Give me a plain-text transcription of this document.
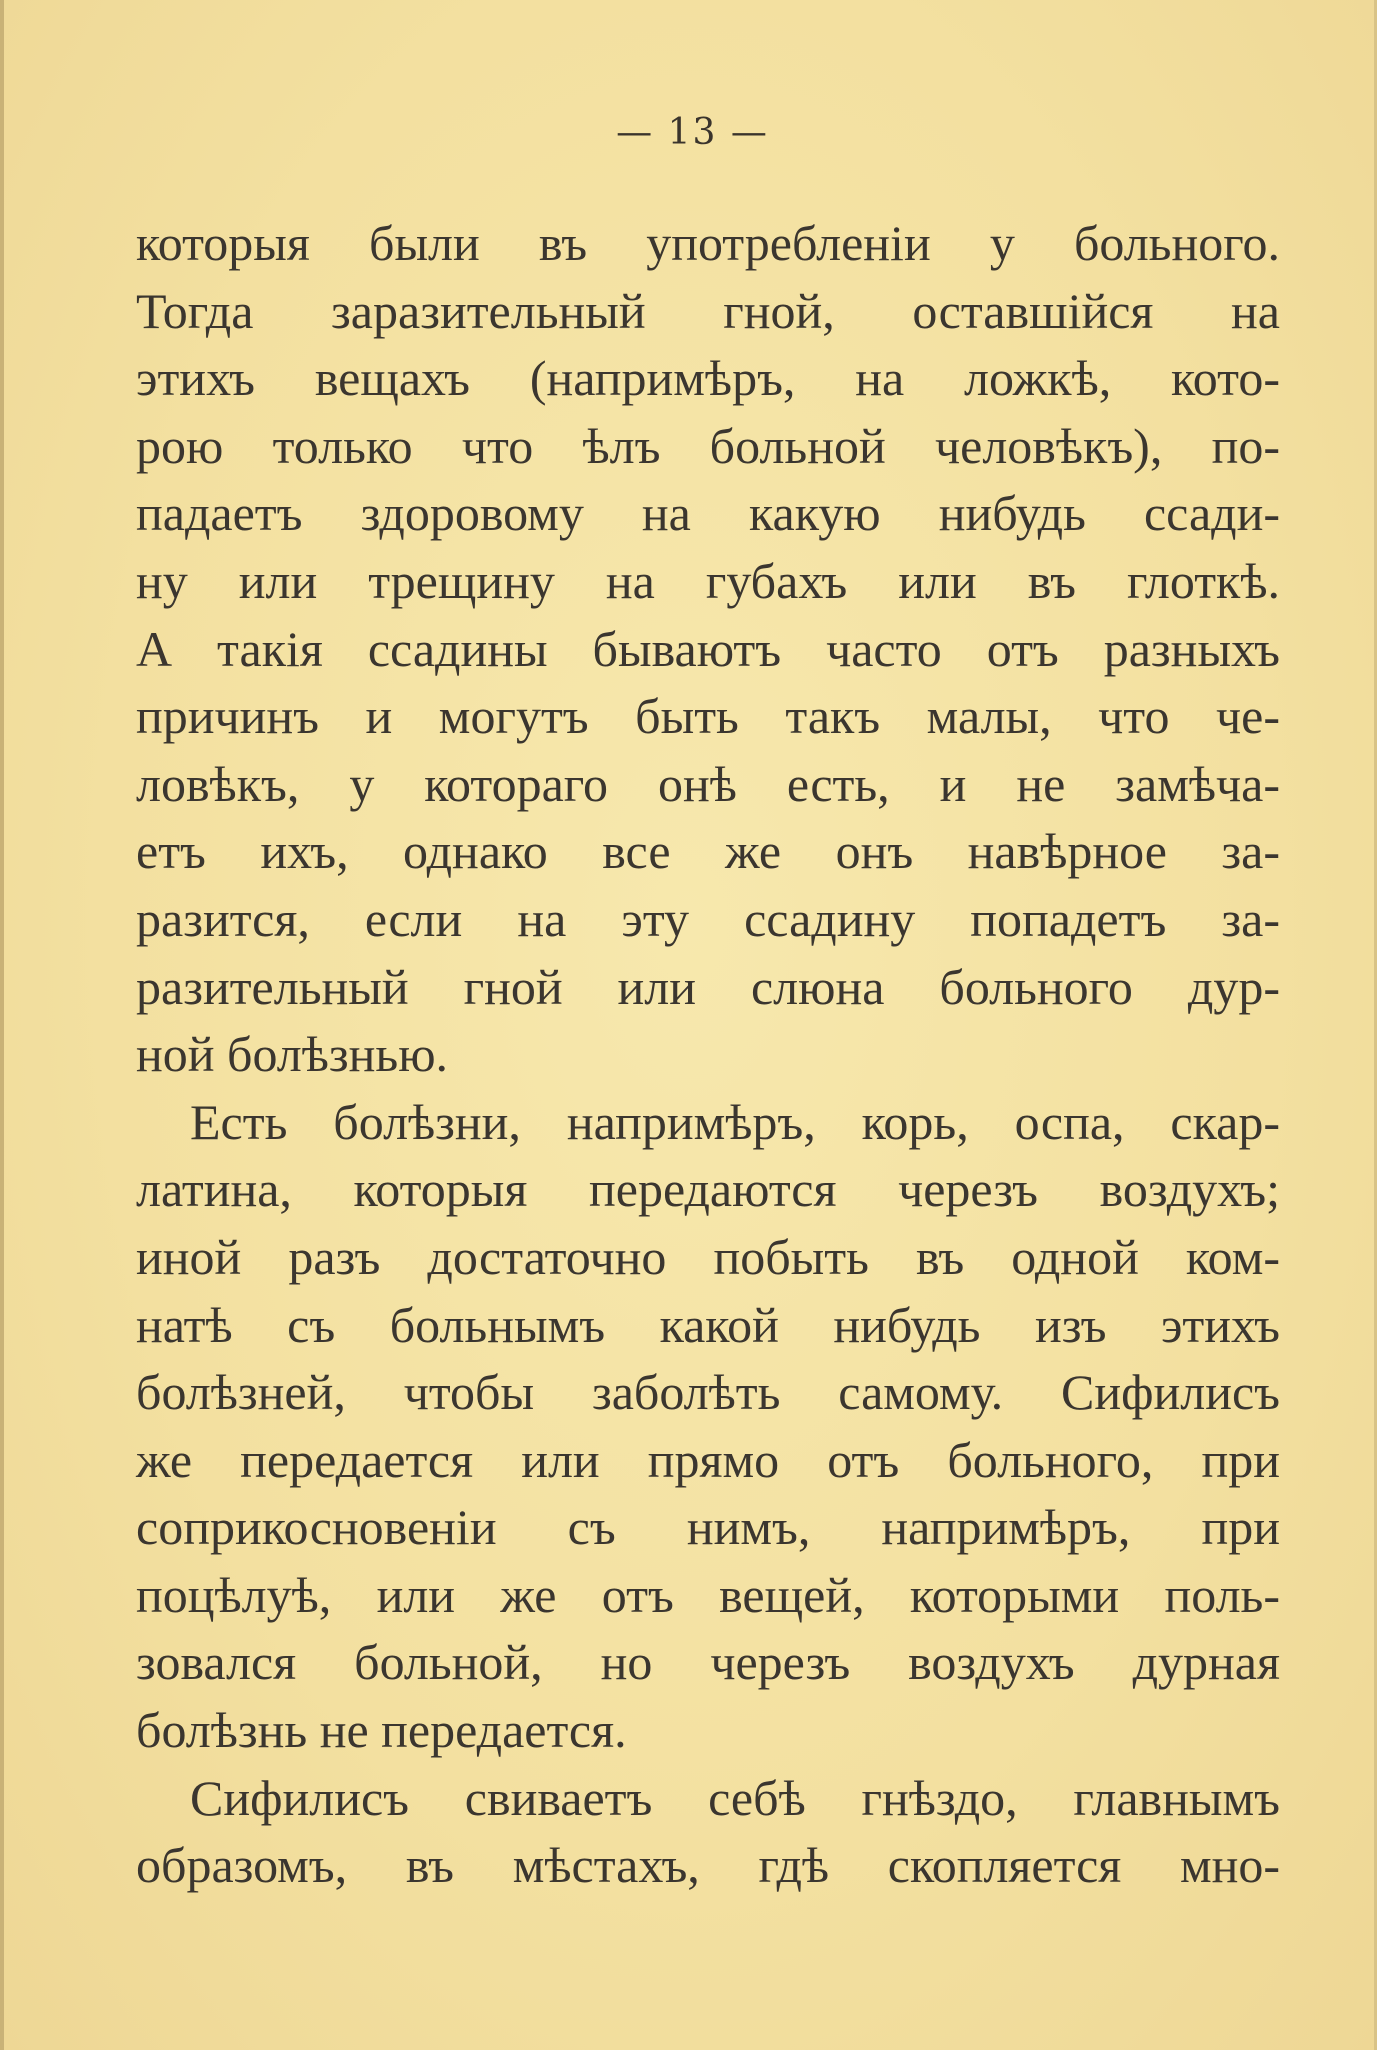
— 13 —
которыя были въ употребленіи у больного.
Тогда заразительный гной, оставшійся на
этихъ вещахъ (напримѣръ, на ложкѣ, кото-
рою только что ѣлъ больной человѣкъ), по-
падаетъ здоровому на какую нибудь ссади-
ну или трещину на губахъ или въ глоткѣ.
А такія ссадины бываютъ часто отъ разныхъ
причинъ и могутъ быть такъ малы, что че-
ловѣкъ, у котораго онѣ есть, и не замѣча-
етъ ихъ, однако все же онъ навѣрное за-
разится, если на эту ссадину попадетъ за-
разительный гной или слюна больного дур-
ной болѣзнью.
Есть болѣзни, напримѣръ, корь, оспа, скар-
латина, которыя передаются черезъ воздухъ;
иной разъ достаточно побыть въ одной ком-
натѣ съ больнымъ какой нибудь изъ этихъ
болѣзней, чтобы заболѣть самому. Сифилисъ
же передается или прямо отъ больного, при
соприкосновеніи съ нимъ, напримѣръ, при
поцѣлуѣ, или же отъ вещей, которыми поль-
зовался больной, но черезъ воздухъ дурная
болѣзнь не передается.
Сифилисъ свиваетъ себѣ гнѣздо, главнымъ
образомъ, въ мѣстахъ, гдѣ скопляется мно-
